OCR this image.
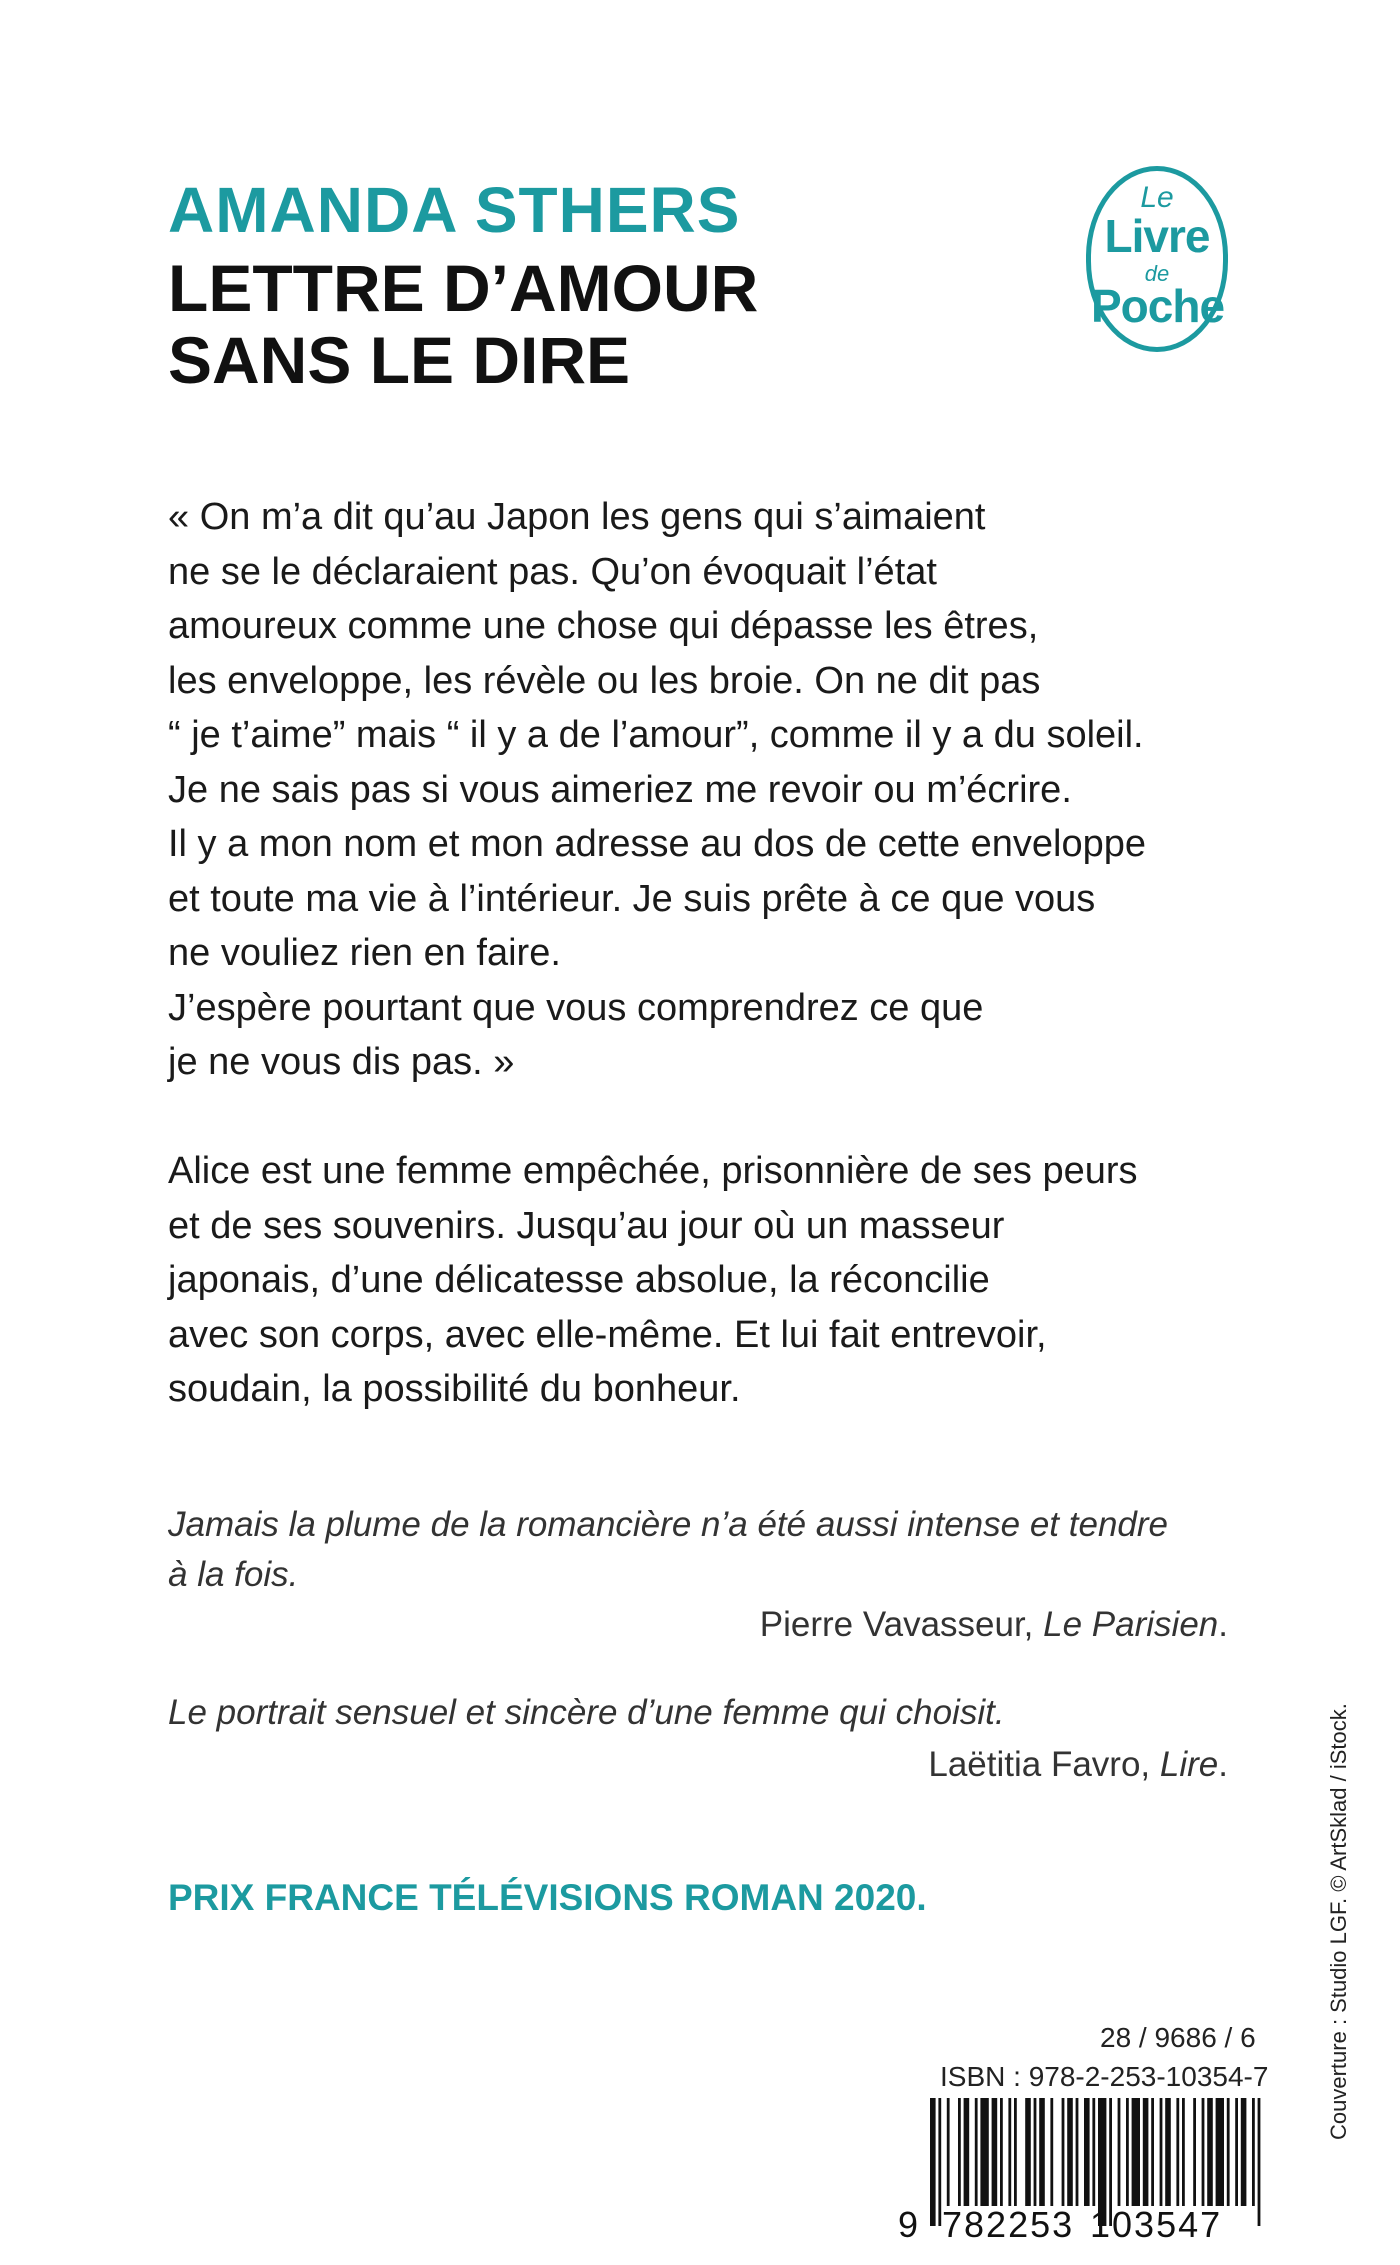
AMANDA STHERS
LETTRE D’AMOUR
SANS LE DIRE
Le
Livre
de
Poche

« On m’a dit qu’au Japon les gens qui s’aimaient
ne se le déclaraient pas. Qu’on évoquait l’état
amoureux comme une chose qui dépasse les êtres,
les enveloppe, les révèle ou les broie. On ne dit pas
“ je t’aime” mais “ il y a de l’amour”, comme il y a du soleil.
Je ne sais pas si vous aimeriez me revoir ou m’écrire.
Il y a mon nom et mon adresse au dos de cette enveloppe
et toute ma vie à l’intérieur. Je suis prête à ce que vous
ne vouliez rien en faire.
J’espère pourtant que vous comprendrez ce que
je ne vous dis pas. »

Alice est une femme empêchée, prisonnière de ses peurs
et de ses souvenirs. Jusqu’au jour où un masseur
japonais, d’une délicatesse absolue, la réconcilie
avec son corps, avec elle-même. Et lui fait entrevoir,
soudain, la possibilité du bonheur.

Jamais la plume de la romancière n’a été aussi intense et tendre
à la fois.

Pierre Vavasseur, Le Parisien.

Le portrait sensuel et sincère d’une femme qui choisit.

Laëtitia Favro, Lire.

PRIX FRANCE TÉLÉVISIONS ROMAN 2020.	Couverture : Studio LGF. © ArtSklad / iStock.
28 / 9686 / 6
ISBN : 978-2-253-10354-7
9 782253 103547
